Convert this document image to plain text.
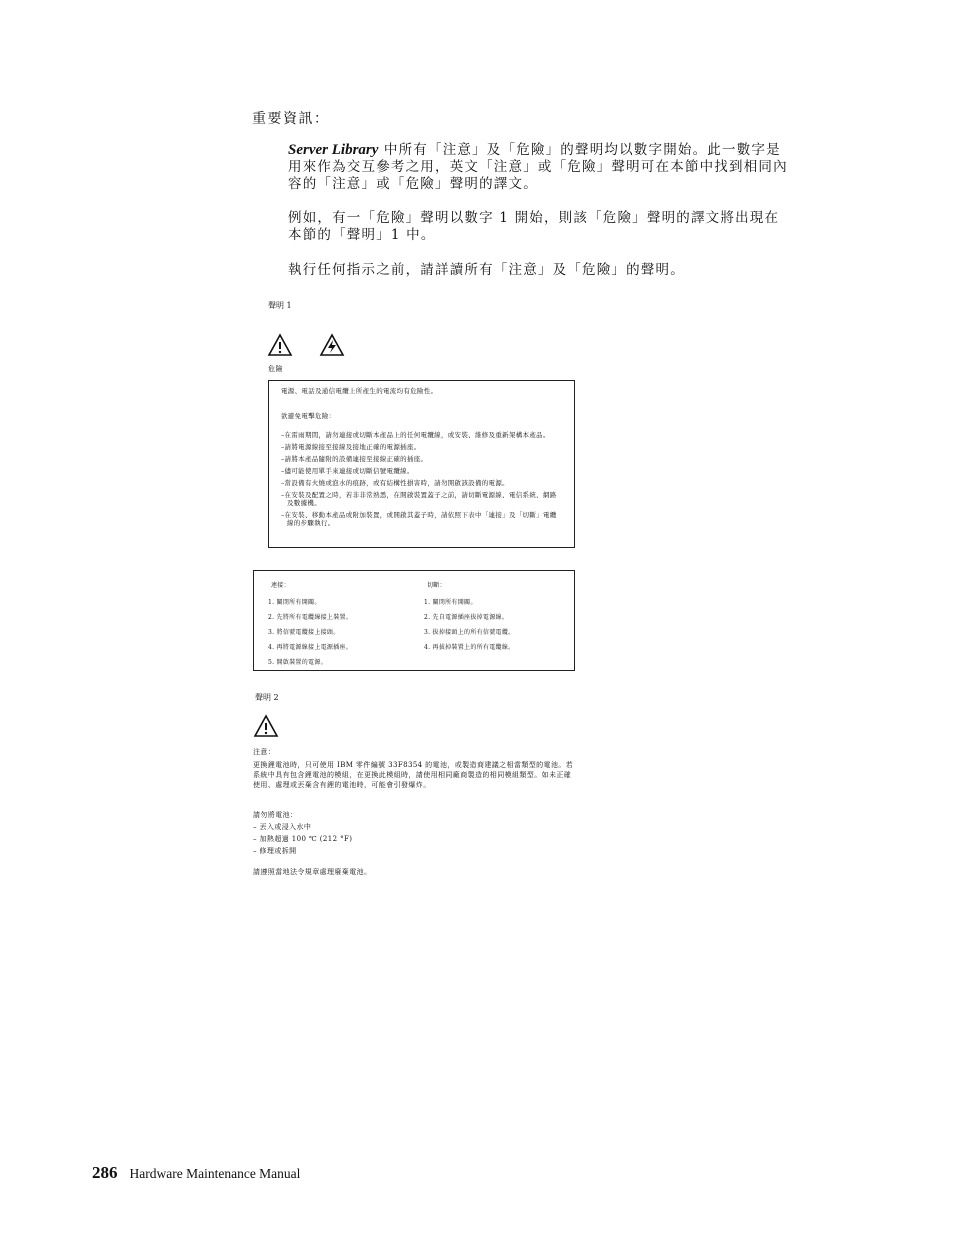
重要資訊：
Server Library 中所有「注意」及「危險」的聲明均以數字開始。此一數字是用來作為交互參考之用，英文「注意」或「危險」聲明可在本節中找到相同內容的「注意」或「危險」聲明的譯文。
例如，有一「危險」聲明以數字 1 開始，則該「危險」聲明的譯文將出現在本節的「聲明」1 中。
執行任何指示之前，請詳讀所有「注意」及「危險」的聲明。
聲明 1
危險
電源、電話及通信電纜上所產生的電流均有危險性。
欲避免電擊危險：
–在雷雨期間，請勿連接或切斷本產品上的任何電纜線，或安裝、維修及重新架構本產品。
–請將電源線接至接線及接地正確的電源插座。
–請將本產品隨附的設備連接至接線正確的插座。
–儘可能使用單手來連接或切斷信號電纜線。
–當設備有火燒或泡水的痕跡，或有結構性損害時，請勿開啟該設備的電源。
–在安裝及配置之時，若非非常熟悉，在開啟裝置蓋子之前，請切斷電源線、電信系統、網路及數據機。
–在安裝、移動本產品或附加裝置，或開啟其蓋子時，請依照下表中「連接」及「切斷」電纜線的步驟執行。
連接：
1. 關閉所有開關。
2. 先將所有電纜線接上裝置。
3. 將信號電纜接上接頭。
4. 再將電源線接上電源插座。
5. 開啟裝置的電源。
切斷：
1. 關閉所有開關。
2. 先自電源插座拔掉電源線。
3. 拔掉接頭上的所有信號電纜。
4. 再拔掉裝置上的所有電纜線。
聲明 2
注意：
更換鋰電池時，只可使用 IBM 零件編號 33F8354 的電池，或製造商建議之相當類型的電池。若系統中具有包含鋰電池的模組，在更換此模組時，請使用相同廠商製造的相同模組類型。如未正確使用、處理或丟棄含有鋰的電池時，可能會引發爆炸。
請勿將電池：
– 丟入或浸入水中
– 加熱超過 100 ℃ (212 °F)
– 修理或拆開
請遵照當地法令規章處理廢棄電池。
286 Hardware Maintenance Manual
